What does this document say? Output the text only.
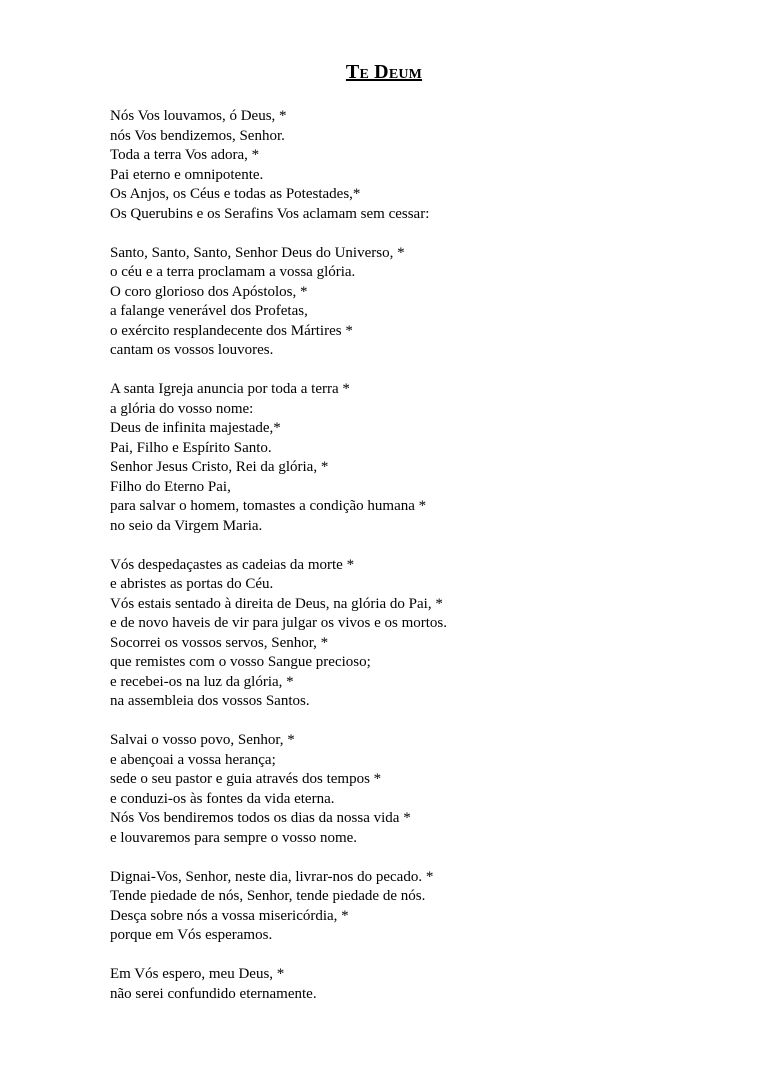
Te Deum
Nós Vos louvamos, ó Deus, *
nós Vos bendizemos, Senhor.
Toda a terra Vos adora, *
Pai eterno e omnipotente.
Os Anjos, os Céus e todas as Potestades,*
Os Querubins e os Serafins Vos aclamam sem cessar:
Santo, Santo, Santo, Senhor Deus do Universo, *
o céu e a terra proclamam a vossa glória.
O coro glorioso dos Apóstolos, *
a falange venerável dos Profetas,
o exército resplandecente dos Mártires *
cantam os vossos louvores.
A santa Igreja anuncia por toda a terra *
a glória do vosso nome:
Deus de infinita majestade,*
Pai, Filho e Espírito Santo.
Senhor Jesus Cristo, Rei da glória, *
Filho do Eterno Pai,
para salvar o homem, tomastes a condição humana *
no seio da Virgem Maria.
Vós despedaçastes as cadeias da morte *
e abristes as portas do Céu.
Vós estais sentado à direita de Deus, na glória do Pai, *
e de novo haveis de vir para julgar os vivos e os mortos.
Socorrei os vossos servos, Senhor, *
que remistes com o vosso Sangue precioso;
e recebei-os na luz da glória, *
na assembleia dos vossos Santos.
Salvai o vosso povo, Senhor, *
e abençoai a vossa herança;
sede o seu pastor e guia através dos tempos *
e conduzi-os às fontes da vida eterna.
Nós Vos bendiremos todos os dias da nossa vida *
e louvaremos para sempre o vosso nome.
Dignai-Vos, Senhor, neste dia, livrar-nos do pecado. *
Tende piedade de nós, Senhor, tende piedade de nós.
Desça sobre nós a vossa misericórdia, *
porque em Vós esperamos.
Em Vós espero, meu Deus, *
não serei confundido eternamente.
